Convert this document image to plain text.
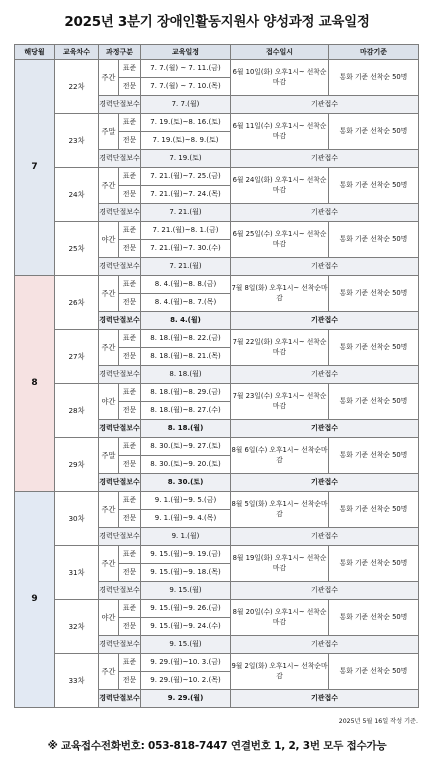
2025년 3분기 장애인활동지원사 양성과정 교육일정
해당월	교육차수	과정구분		교육일정	접수일시	마감기준
7	22차	주간	표준	7. 7.(월) ~ 7. 11.(금)	6월 10일(화) 오후1시~ 선착순마감	통화 기준 선착순 50명
			전문	7. 7.(월) ~ 7. 10.(목)		
		경력단절보수		7. 7.(월)	기관접수	
	23차	주말	표준	7. 19.(토)~8. 16.(토)	6월 11일(수) 오후1시~ 선착순마감	통화 기준 선착순 50명
			전문	7. 19.(토)~8. 9.(토)		
		경력단절보수		7. 19.(토)	기관접수	
	24차	주간	표준	7. 21.(월)~7. 25.(금)	6월 24일(화) 오후1시~ 선착순마감	통화 기준 선착순 50명
			전문	7. 21.(월)~7. 24.(목)		
		경력단절보수		7. 21.(월)	기관접수	
	25차	야간	표준	7. 21.(월)~8. 1.(금)	6월 25일(수) 오후1시~ 선착순마감	통화 기준 선착순 50명
			전문	7. 21.(월)~7. 30.(수)		
		경력단절보수		7. 21.(월)	기관접수	
8	26차	주간	표준	8. 4.(월)~8. 8.(금)	7월 8일(화) 오후1시~ 선착순마감	통화 기준 선착순 50명
			전문	8. 4.(월)~8. 7.(목)		
		경력단절보수		8. 4.(월)	기관접수	
	27차	주간	표준	8. 18.(월)~8. 22.(금)	7월 22일(화) 오후1시~ 선착순마감	통화 기준 선착순 50명
			전문	8. 18.(월)~8. 21.(목)		
		경력단절보수		8. 18.(월)	기관접수	
	28차	야간	표준	8. 18.(월)~8. 29.(금)	7월 23일(수) 오후1시~ 선착순마감	통화 기준 선착순 50명
			전문	8. 18.(월)~8. 27.(수)		
		경력단절보수		8. 18.(월)	기관접수	
	29차	주말	표준	8. 30.(토)~9. 27.(토)	8월 6일(수) 오후1시~ 선착순마감	통화 기준 선착순 50명
			전문	8. 30.(토)~9. 20.(토)		
		경력단절보수		8. 30.(토)	기관접수	
9	30차	주간	표준	9. 1.(월)~9. 5.(금)	8월 5일(화) 오후1시~ 선착순마감	통화 기준 선착순 50명
			전문	9. 1.(월)~9. 4.(목)		
		경력단절보수		9. 1.(월)	기관접수	
	31차	주간	표준	9. 15.(월)~9. 19.(금)	8월 19일(화) 오후1시~ 선착순마감	통화 기준 선착순 50명
			전문	9. 15.(월)~9. 18.(목)		
		경력단절보수		9. 15.(월)	기관접수	
	32차	야간	표준	9. 15.(월)~9. 26.(금)	8월 20일(수) 오후1시~ 선착순마감	통화 기준 선착순 50명
			전문	9. 15.(월)~9. 24.(수)		
		경력단절보수		9. 15.(월)	기관접수	
	33차	주간	표준	9. 29.(월)~10. 3.(금)	9월 2일(화) 오후1시~ 선착순마감	통화 기준 선착순 50명
			전문	9. 29.(월)~10. 2.(목)		
		경력단절보수		9. 29.(월)	기관접수	
2025년 5월 16일 작성 기준.
※ 교육접수전화번호: 053-818-7447 연결번호 1, 2, 3번 모두 접수가능
